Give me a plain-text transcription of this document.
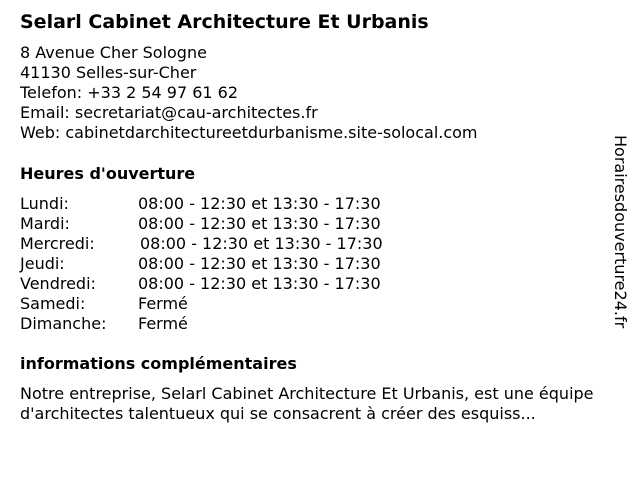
Selarl Cabinet Architecture Et Urbanis
8 Avenue Cher Sologne
41130 Selles-sur-Cher
Telefon: +33 2 54 97 61 62
Email: secretariat@cau-architectes.fr
Web: cabinetdarchitectureetdurbanisme.site-solocal.com
Heures d'ouverture
Lundi:	08:00 - 12:30 et 13:30 - 17:30
Mardi:	08:00 - 12:30 et 13:30 - 17:30
Mercredi:	08:00 - 12:30 et 13:30 - 17:30
Jeudi:	08:00 - 12:30 et 13:30 - 17:30
Vendredi:	08:00 - 12:30 et 13:30 - 17:30
Samedi:	Fermé
Dimanche:	Fermé
informations complémentaires
Notre entreprise, Selarl Cabinet Architecture Et Urbanis, est une équipe d'architectes talentueux qui se consacrent à créer des esquiss...
Horairesdouverture24.fr
